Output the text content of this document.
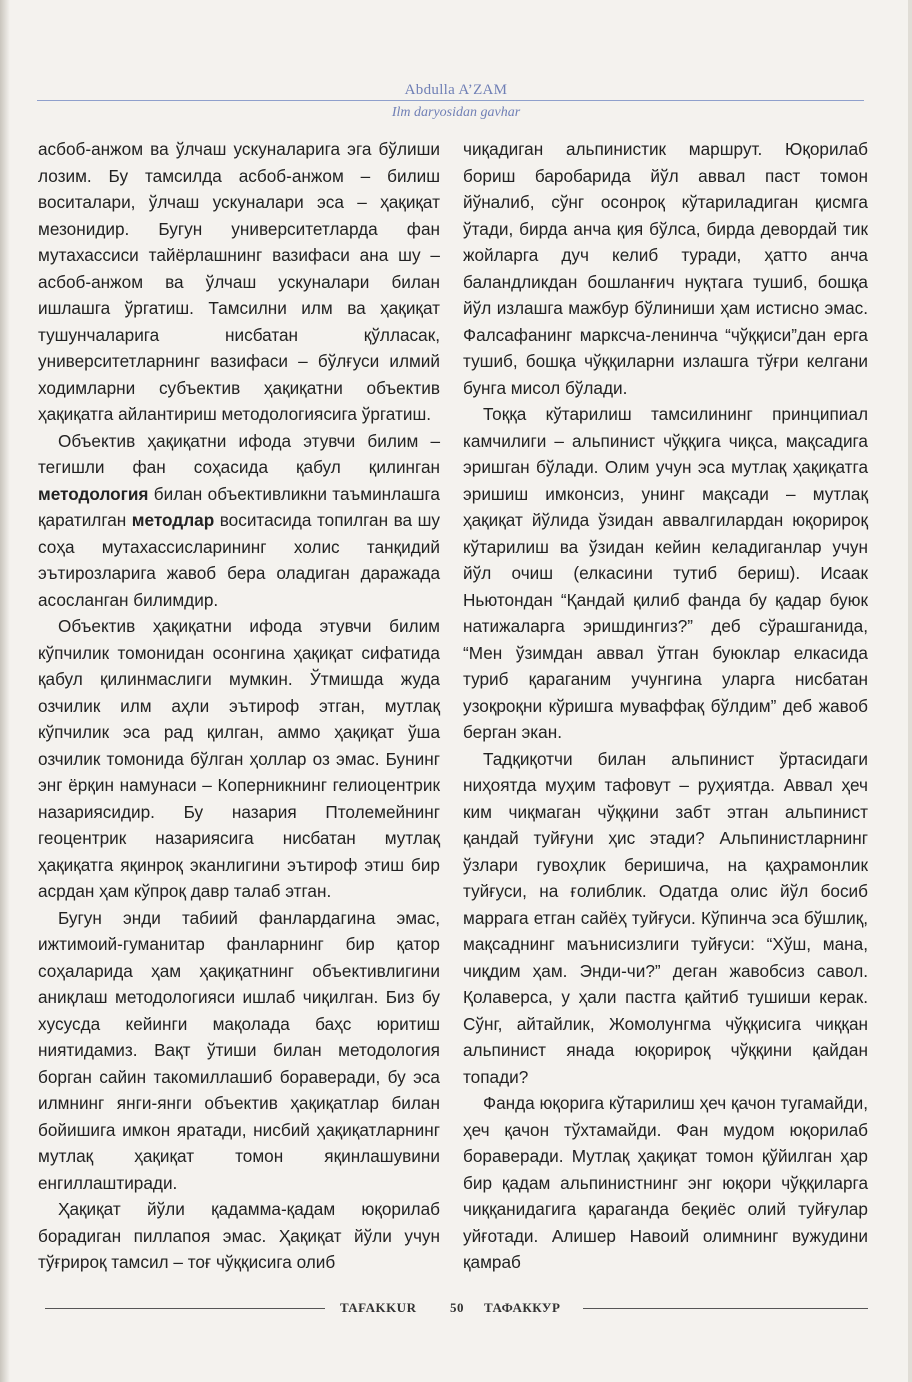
Abdulla A’ZAM
Ilm daryosidan gavhar

асбоб-анжом ва ўлчаш ускуналарига эга бўлиши лозим. Бу тамсилда асбоб-анжом – билиш воситалари, ўлчаш ускуналари эса – ҳақиқат мезонидир. Бугун университетларда фан мутахассиси тайёрлашнинг вазифаси ана шу – асбоб-анжом ва ўлчаш ускуналари билан ишлашга ўргатиш. Тамсилни илм ва ҳақиқат тушунчаларига нисбатан қўлласак, университетларнинг вазифаси – бўлғуси илмий ходимларни субъектив ҳақиқатни объектив ҳақиқатга айлантириш методологиясига ўргатиш.

Объектив ҳақиқатни ифода этувчи билим – тегишли фан соҳасида қабул қилинган методология билан объективликни таъминлашга қаратилган методлар воситасида топилган ва шу соҳа мутахассисларининг холис танқидий эътирозларига жавоб бера оладиган даражада асосланган билимдир.

Объектив ҳақиқатни ифода этувчи билим кўпчилик томонидан осонгина ҳақиқат сифатида қабул қилинмаслиги мумкин. Ўтмишда жуда озчилик илм аҳли эътироф этган, мутлақ кўпчилик эса рад қилган, аммо ҳақиқат ўша озчилик томонида бўлган ҳоллар оз эмас. Бунинг энг ёрқин намунаси – Коперникнинг гелиоцентрик назариясидир. Бу назария Птолемейнинг геоцентрик назариясига нисбатан мутлақ ҳақиқатга яқинроқ эканлигини эътироф этиш бир асрдан ҳам кўпроқ давр талаб этган.

Бугун энди табиий фанлардагина эмас, ижтимоий-гуманитар фанларнинг бир қатор соҳаларида ҳам ҳақиқатнинг объективлигини аниқлаш методологияси ишлаб чиқилган. Биз бу хусусда кейинги мақолада баҳс юритиш ниятидамиз. Вақт ўтиши билан методология борган сайин такомиллашиб бораверади, бу эса илмнинг янги-янги объектив ҳақиқатлар билан бойишига имкон яратади, нисбий ҳақиқатларнинг мутлақ ҳақиқат томон яқинлашувини енгиллаштиради.

Ҳақиқат йўли қадамма-қадам юқорилаб борадиган пиллапоя эмас. Ҳақиқат йўли учун тўғрироқ тамсил – тоғ чўққисига олиб

чиқадиган альпинистик маршрут. Юқорилаб бориш баробарида йўл аввал паст томон йўналиб, сўнг осонроқ кўтариладиган қисмга ўтади, бирда анча қия бўлса, бирда девордай тик жойларга дуч келиб туради, ҳатто анча баландликдан бошланғич нуқтага тушиб, бошқа йўл излашга мажбур бўлиниши ҳам истисно эмас. Фалсафанинг марксча-ленинча “чўққиси”дан ерга тушиб, бошқа чўққиларни излашга тўғри келгани бунга мисол бўлади.

Тоққа кўтарилиш тамсилининг принципиал камчилиги – альпинист чўққига чиқса, мақсадига эришган бўлади. Олим учун эса мутлақ ҳақиқатга эришиш имконсиз, унинг мақсади – мутлақ ҳақиқат йўлида ўзидан аввалгилардан юқорироқ кўтарилиш ва ўзидан кейин келадиганлар учун йўл очиш (елкасини тутиб бериш). Исаак Ньютондан “Қандай қилиб фанда бу қадар буюк натижаларга эришдингиз?” деб сўрашганида, “Мен ўзимдан аввал ўтган буюклар елкасида туриб қараганим учунгина уларга нисбатан узоқроқни кўришга муваффақ бўлдим” деб жавоб берган экан.

Тадқиқотчи билан альпинист ўртасидаги ниҳоятда муҳим тафовут – руҳиятда. Аввал ҳеч ким чиқмаган чўққини забт этган альпинист қандай туйғуни ҳис этади? Альпинистларнинг ўзлари гувоҳлик беришича, на қаҳрамонлик туйғуси, на ғолиблик. Одатда олис йўл босиб маррага етган сайёҳ туйғуси. Кўпинча эса бўшлиқ, мақсаднинг маънисизлиги туйғуси: “Хўш, мана, чиқдим ҳам. Энди-чи?” деган жавобсиз савол. Қолаверса, у ҳали пастга қайтиб тушиши керак. Сўнг, айтайлик, Жомолунгма чўққисига чиққан альпинист янада юқорироқ чўққини қайдан топади?

Фанда юқорига кўтарилиш ҳеч қачон тугамайди, ҳеч қачон тўхтамайди. Фан мудом юқорилаб бораверади. Мутлақ ҳақиқат томон қўйилган ҳар бир қадам альпинистнинг энг юқори чўққиларга чиққанидагига қараганда беқиёс олий туйғулар уйғотади. Алишер Навоий олимнинг вужудини қамраб

TAFAKKUR	50 ТАФАККУР
